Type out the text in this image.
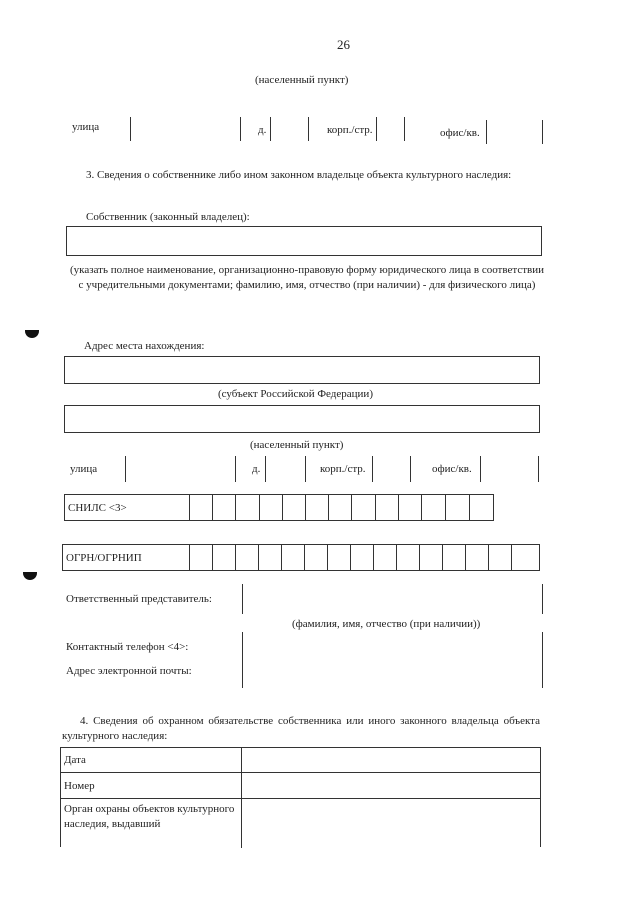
26
(населенный пункт)
улица	д.	корп./стр.	офис/кв.
3. Сведения о собственнике либо ином законном владельце объекта культурного наследия:
Собственник (законный владелец):
(указать полное наименование, организационно-правовую форму юридического лица в соответствии с учредительными документами; фамилию, имя, отчество (при наличии) - для физического лица)
Адрес места нахождения:
(субъект Российской Федерации)
(населенный пункт)
улица	д.	корп./стр.	офис/кв.
СНИЛС <3>
ОГРН/ОГРНИП
Ответственный представитель:
(фамилия, имя, отчество (при наличии))
Контактный телефон <4>:
Адрес электронной почты:
4. Сведения об охранном обязательстве собственника или иного законного владельца объекта культурного наследия:
Дата
Номер
Орган охраны объектов культурного наследия, выдавший
